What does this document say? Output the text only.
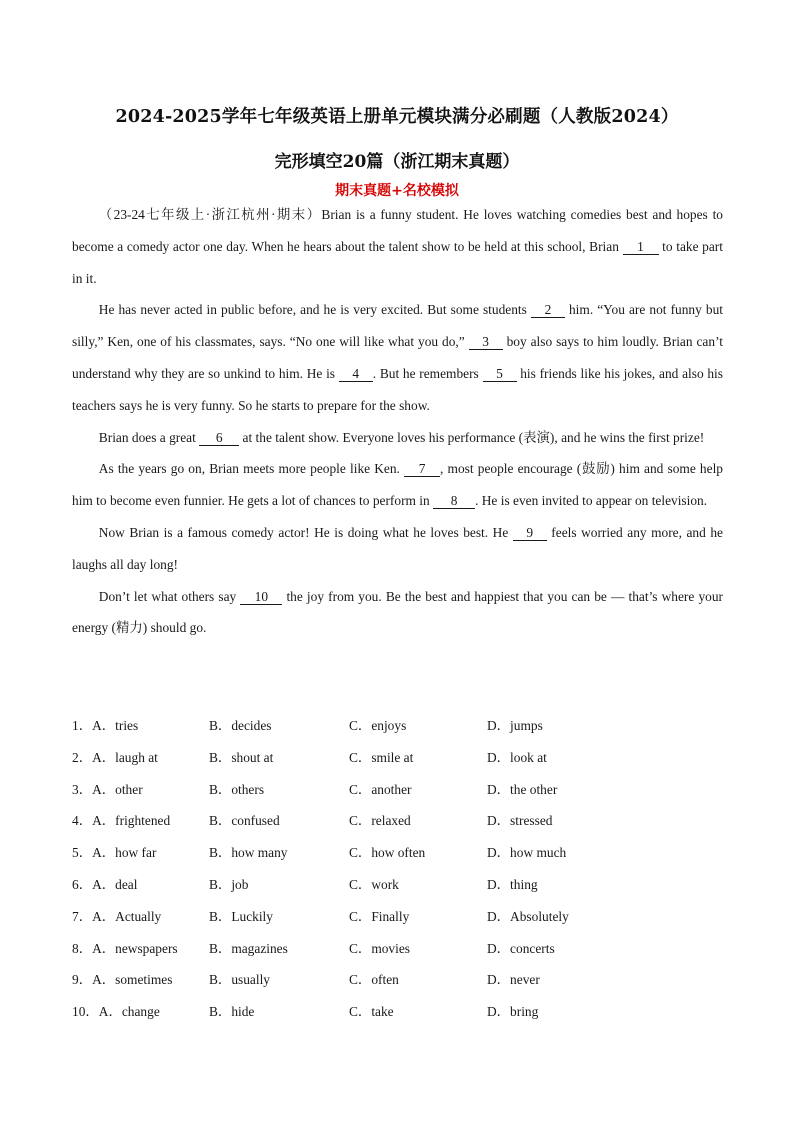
2024-2025学年七年级英语上册单元模块满分必刷题（人教版2024）
完形填空20篇（浙江期末真题）
期末真题+名校模拟

（23-24七年级上·浙江杭州·期末）Brian is a funny student. He loves watching comedies best and hopes to become a comedy actor one day. When he hears about the talent show to be held at this school, Brian 1 to take part in it.

He has never acted in public before, and he is very excited. But some students 2 him. “You are not funny but silly,” Ken, one of his classmates, says. “No one will like what you do,” 3 boy also says to him loudly. Brian can’t understand why they are so unkind to him. He is 4 . But he remembers 5 his friends like his jokes, and also his teachers says he is very funny. So he starts to prepare for the show.

Brian does a great 6 at the talent show. Everyone loves his performance (表演), and he wins the first prize!

As the years go on, Brian meets more people like Ken. 7 , most people encourage (鼓励) him and some help him to become even funnier. He gets a lot of chances to perform in 8 . He is even invited to appear on television.

Now Brian is a famous comedy actor! He is doing what he loves best. He 9 feels worried any more, and he laughs all day long!

Don’t let what others say 10 the joy from you. Be the best and happiest that you can be — that’s where your energy (精力) should go.

1．A．tries	B．decides	C．enjoys	D．jumps
2．A．laugh at	B．shout at	C．smile at	D．look at
3．A．other	B．others	C．another	D．the other
4．A．frightened	B．confused	C．relaxed	D．stressed
5．A．how far	B．how many	C．how often	D．how much
6．A．deal	B．job	C．work	D．thing
7．A．Actually	B．Luckily	C．Finally	D．Absolutely
8．A．newspapers	B．magazines	C．movies	D．concerts
9．A．sometimes	B．usually	C．often	D．never
10．A．change	B．hide	C．take	D．bring
